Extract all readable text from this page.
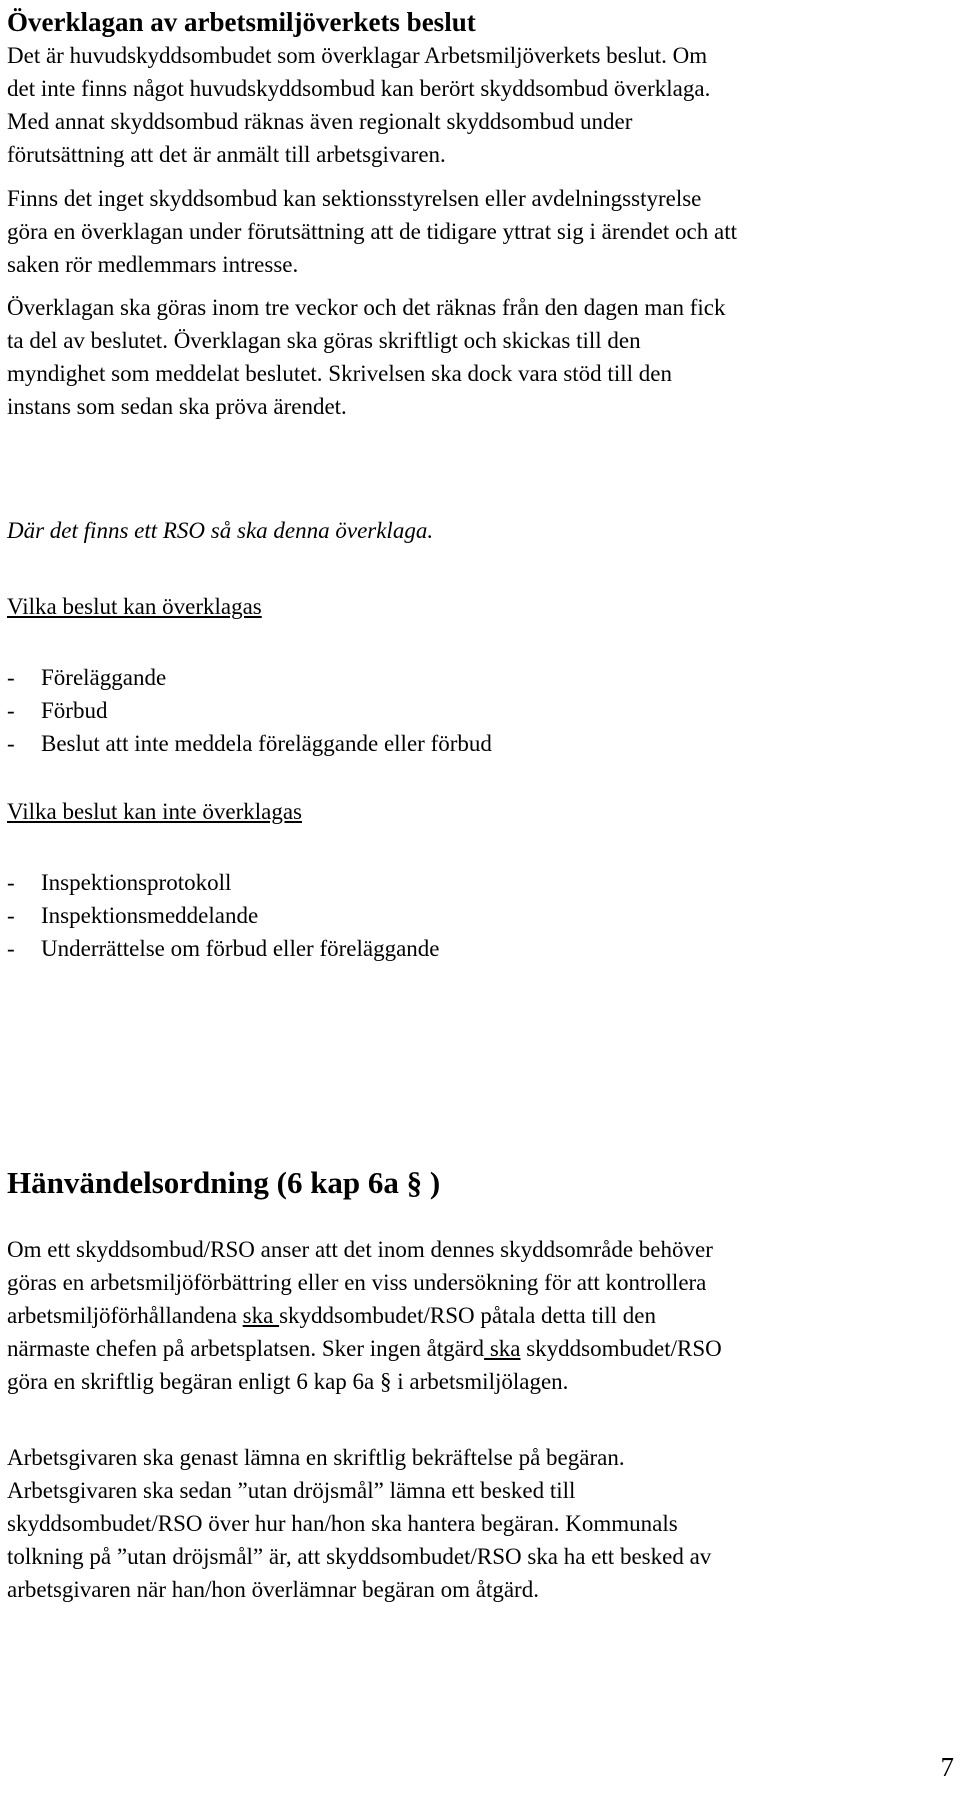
Överklagan av arbetsmiljöverkets beslut

Det är huvudskyddsombudet som överklagar Arbetsmiljöverkets beslut. Om

det inte finns något huvudskyddsombud kan berört skyddsombud överklaga.

Med annat skyddsombud räknas även regionalt skyddsombud under

förutsättning att det är anmält till arbetsgivaren.

Finns det inget skyddsombud kan sektionsstyrelsen eller avdelningsstyrelse

göra en överklagan under förutsättning att de tidigare yttrat sig i ärendet och att

saken rör medlemmars intresse.

Överklagan ska göras inom tre veckor och det räknas från den dagen man fick

ta del av beslutet. Överklagan ska göras skriftligt och skickas till den

myndighet som meddelat beslutet. Skrivelsen ska dock vara stöd till den

instans som sedan ska pröva ärendet.

Där det finns ett RSO så ska denna överklaga.
Vilka beslut kan överklagas
-	Föreläggande
-	Förbud
-	Beslut att inte meddela föreläggande eller förbud
Vilka beslut kan inte överklagas
-	Inspektionsprotokoll
-	Inspektionsmeddelande
-	Underrättelse om förbud eller föreläggande
Hänvändelsordning (6 kap 6a § )

Om ett skyddsombud/RSO anser att det inom dennes skyddsområde behöver

göras en arbetsmiljöförbättring eller en viss undersökning för att kontrollera

arbetsmiljöförhållandena ska skyddsombudet/RSO påtala detta till den

närmaste chefen på arbetsplatsen. Sker ingen åtgärd ska skyddsombudet/RSO

göra en skriftlig begäran enligt 6 kap 6a § i arbetsmiljölagen.

Arbetsgivaren ska genast lämna en skriftlig bekräftelse på begäran.

Arbetsgivaren ska sedan ”utan dröjsmål” lämna ett besked till

skyddsombudet/RSO över hur han/hon ska hantera begäran. Kommunals

tolkning på ”utan dröjsmål” är, att skyddsombudet/RSO ska ha ett besked av

arbetsgivaren när han/hon överlämnar begäran om åtgärd.

7
